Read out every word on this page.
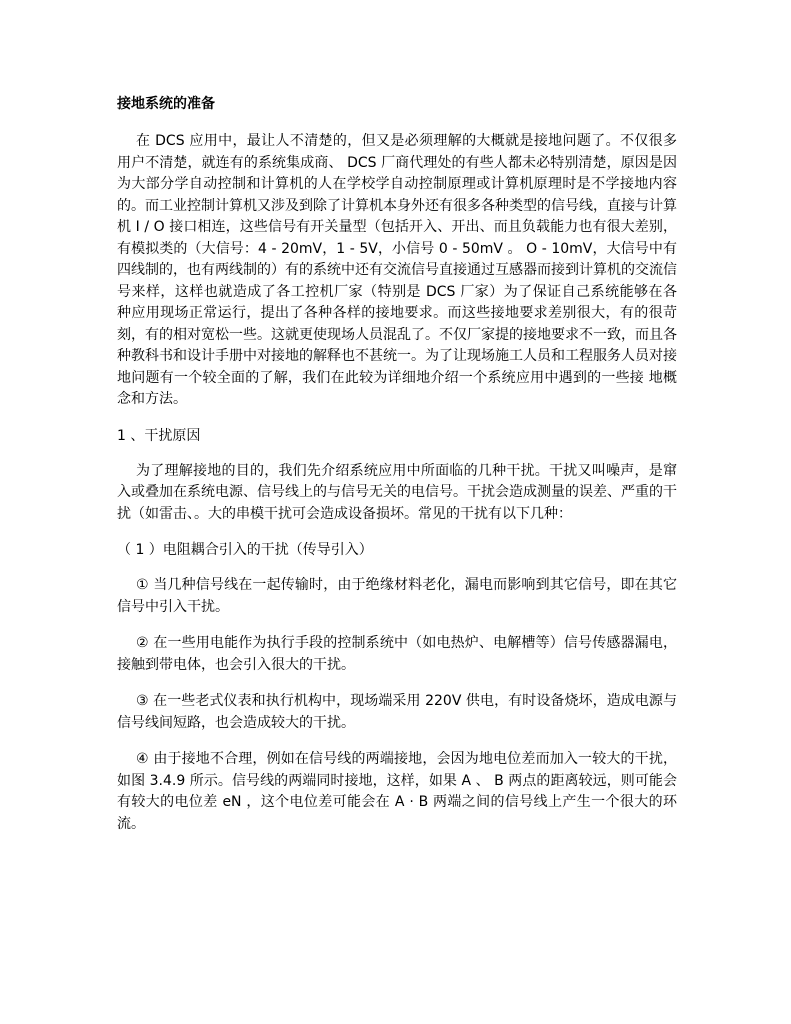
接地系统的准备

在 DCS 应用中，最让人不清楚的，但又是必须理解的大概就是接地问题了。不仅很多用户不清楚，就连有的系统集成商、 DCS 厂商代理处的有些人都未必特别清楚，原因是因为大部分学自动控制和计算机的人在学校学自动控制原理或计算机原理时是不学接地内容的。而工业控制计算机又涉及到除了计算机本身外还有很多各种类型的信号线，直接与计算机 I / O 接口相连，这些信号有开关量型（包括开入、开出、而且负载能力也有很大差别，有模拟类的（大信号：4 - 20mV，1 - 5V，小信号 0 - 50mV 。 O - 10mV，大信号中有四线制的，也有两线制的）有的系统中还有交流信号直接通过互感器而接到计算机的交流信号来样，这样也就造成了各工控机厂家（特别是 DCS 厂家）为了保证自己系统能够在各 种应用现场正常运行，提出了各种各样的接地要求。而这些接地要求差别很大，有的很苛 刻，有的相对宽松一些。这就更使现场人员混乱了。不仅厂家提的接地要求不一致，而且各种教科书和设计手册中对接地的解释也不甚统一。为了让现场施工人员和工程服务人员对接地问题有一个较全面的了解，我们在此较为详细地介绍一个系统应用中遇到的一些接 地概念和方法。

1 、干扰原因

为了理解接地的目的，我们先介绍系统应用中所面临的几种干扰。干扰又叫噪声，是窜入或叠加在系统电源、信号线上的与信号无关的电信号。干扰会造成测量的误差、严重的干扰（如雷击、。大的串模干扰可会造成设备损坏。常见的干扰有以下几种：

（ 1 ）电阻耦合引入的干扰（传导引入）

① 当几种信号线在一起传输时，由于绝缘材料老化，漏电而影响到其它信号，即在其它信号中引入干扰。

② 在一些用电能作为执行手段的控制系统中（如电热炉、电解槽等）信号传感器漏电，接触到带电体，也会引入很大的干扰。

③ 在一些老式仪表和执行机构中，现场端采用 220V 供电，有时设备烧坏，造成电源与信号线间短路，也会造成较大的干扰。

④ 由于接地不合理，例如在信号线的两端接地，会因为地电位差而加入一较大的干扰，如图 3.4.9 所示。信号线的两端同时接地，这样，如果 A 、 B 两点的距离较远，则可能会有较大的电位差 eN ，这个电位差可能会在 A · B 两端之间的信号线上产生一个很大的环流。
